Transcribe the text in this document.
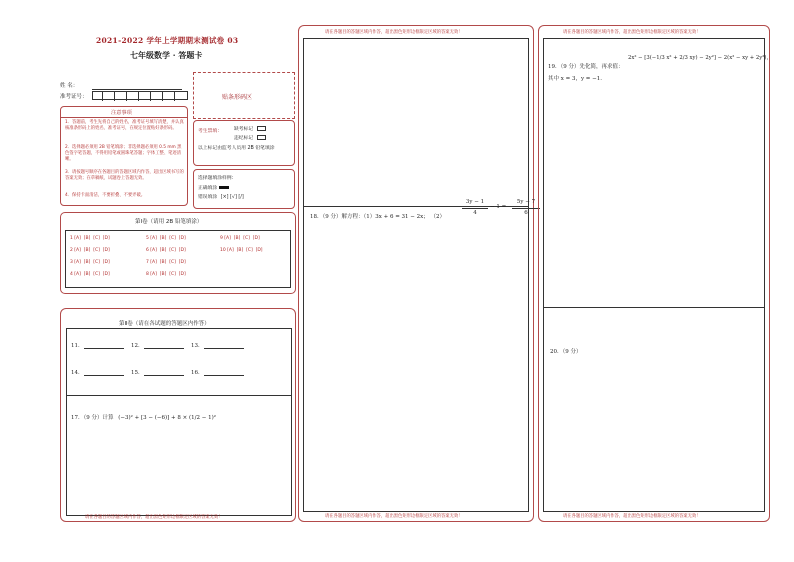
2021-2022 学年上学期期末测试卷 03
七年级数学 · 答题卡
姓 名：
准考证号：	贴条形码区
注意事项
1．答题前，考生先将自己的姓名，准考证号填写清楚，并认真核准条形码上的姓名、准考证号，在规定位置贴好条形码。
2．选择题必须用 2B 铅笔填涂；非选择题必须用 0.5 mm 黑色签字笔答题，不得用铅笔或圆珠笔答题；字体工整、笔迹清晰。
3．请按题号顺序在各题目的答题区域内作答，超出区域书写的答案无效；在草稿纸、试题卷上答题无效。
4．保持卡面清洁，不要折叠、不要弄破。
考生禁填：	缺考标记
违纪标记
以上标记由监考人员用 2B 铅笔填涂
选择题填涂样例：
正确填涂
错误填涂 [×] [√] [/]
第Ⅰ卷（请用 2B 铅笔填涂）
1 [A]  [B]  [C]  [D]
2 [A]  [B]  [C]  [D]
3 [A]  [B]  [C]  [D]
4 [A]  [B]  [C]  [D]
5 [A]  [B]  [C]  [D]
6 [A]  [B]  [C]  [D]
7 [A]  [B]  [C]  [D]
8 [A]  [B]  [C]  [D]
9 [A]  [B]  [C]  [D]
10 [A]  [B]  [C]  [D]
第Ⅱ卷（请在各试题的答题区内作答）
11．	12．	13．
14．	15．	16．
17．（9 分）计算 (−3)² + [3 − (−6)] + 8 × (1/2 − 1)²
请在各题目的答题区域内作答，超出黑色矩形边框限定区域的答案无效！
请在各题目的答题区域内作答，超出黑色矩形边框限定区域的答案无效！
18．（9 分）解方程：（1）3x + 6 = 31 − 2x； （2）
3y − 1
4
− 1 =
5y − 7
6
请在各题目的答题区域内作答，超出黑色矩形边框限定区域的答案无效！
请在各题目的答题区域内作答，超出黑色矩形边框限定区域的答案无效！
19．（9 分）先化简，再求值：
2x² − [3(−1/3 x² + 2/3 xy) − 2y²] − 2(x² − xy + 2y²)，
其中 x = 3，y = −1.
20．（9 分）
请在各题目的答题区域内作答，超出黑色矩形边框限定区域的答案无效！
